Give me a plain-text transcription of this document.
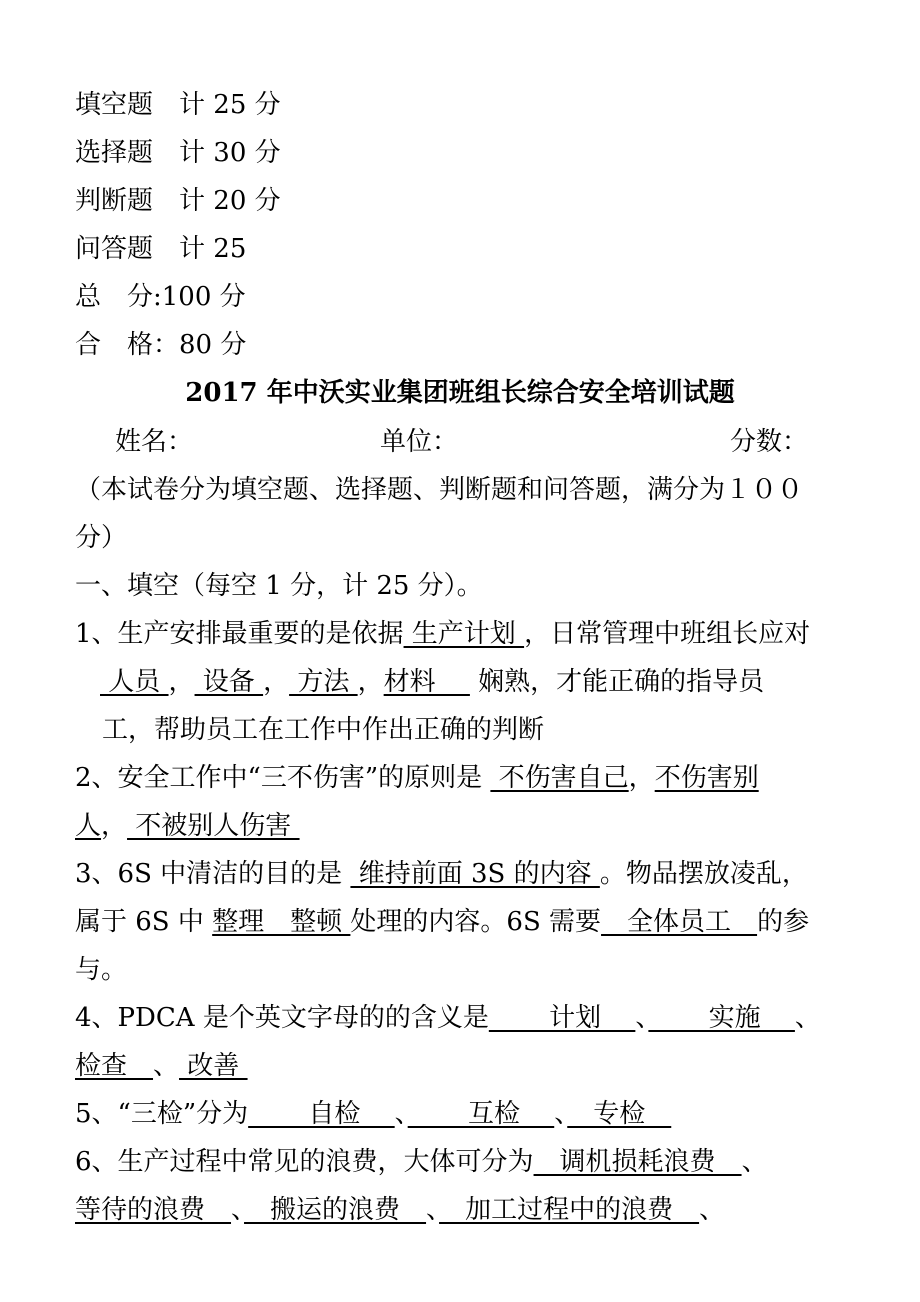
填空题　 计 25 分
选择题　 计 30 分
判断题　 计 20 分
问答题　 计 25
总　分:100 分
合　格：80 分
2017 年中沃实业集团班组长综合安全培训试题
姓名：	单位：	分数：
（本试卷分为填空题、选择题、判断题和问答题，满分为１００
分）
一、填空（每空 1 分，计 25 分）。
1、生产安排最重要的是依据 生产计划 ，日常管理中班组长应对
人员 ， 设备 ， 方法 ，材料　  娴熟，才能正确的指导员
工，帮助员工在工作中作出正确的判断
2、安全工作中“三不伤害”的原则是  不伤害自己，不伤害别
人， 不被别人伤害
3、6S 中清洁的目的是  维持前面 3S 的内容 。物品摆放凌乱，
属于 6S 中 整理　整顿 处理的内容。6S 需要　全体员工　的参
与。
4、PDCA 是个英文字母的的含义是　　 计划　 、　　 实施　 、
检查　、 改善
5、“三检”分为　　 自检　 、　　 互检　 、　专检　
6、生产过程中常见的浪费，大体可分为　调机损耗浪费　、
等待的浪费　、　搬运的浪费　、　加工过程中的浪费　、
